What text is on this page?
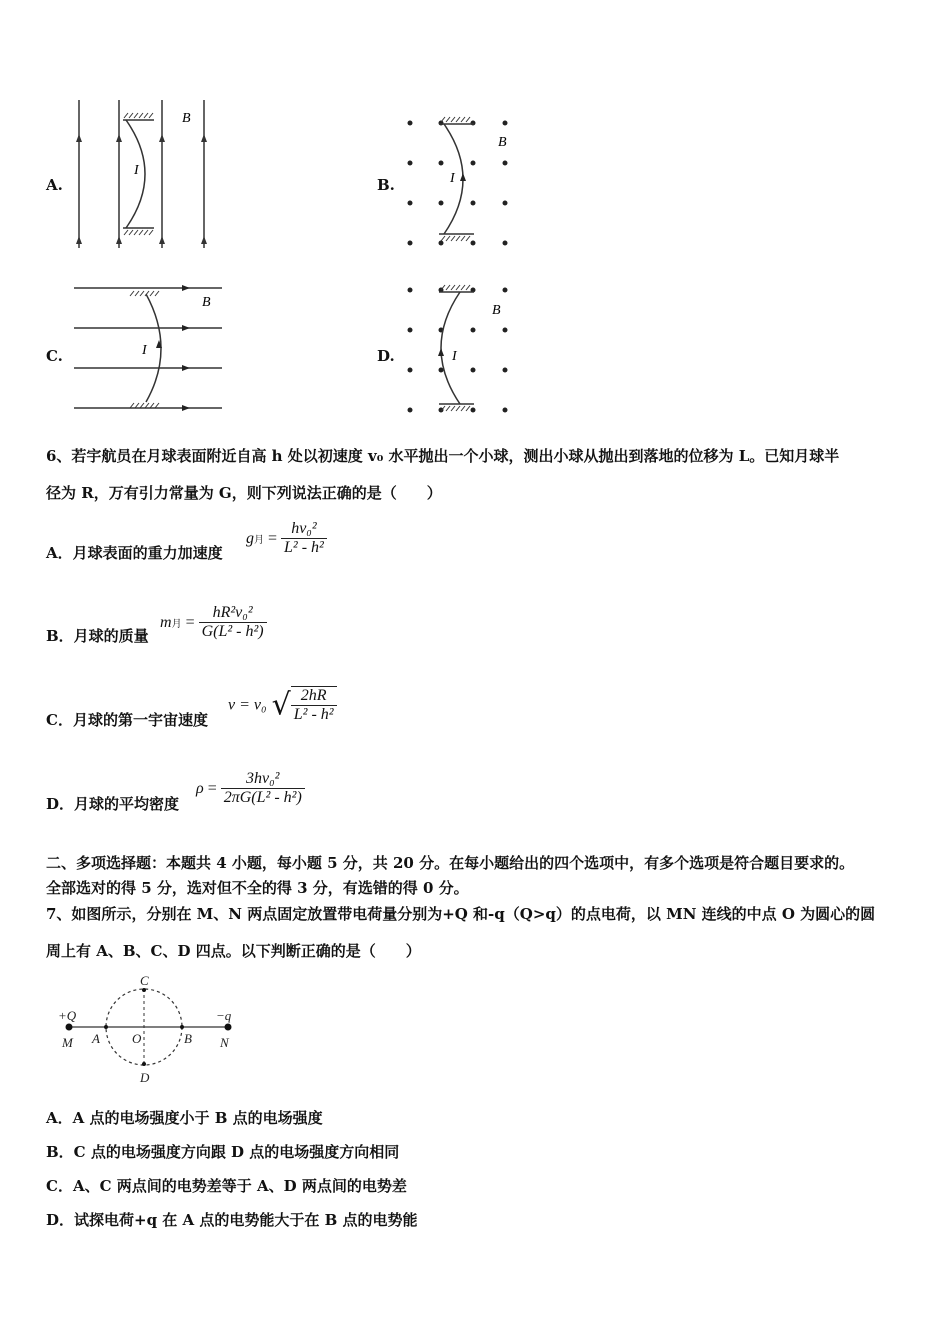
A.
B
I
B.
B
I
C.
B
I	D.
B
I
6、若宇航员在月球表面附近自高 h 处以初速度 v₀ 水平抛出一个小球，测出小球从抛出到落地的位移为 L。已知月球半
径为 R，万有引力常量为 G，则下列说法正确的是（　　）
A．月球表面的重力加速度
g月 = $\frac{\text{hv₀²}}{\text{L² - h²}}$
B．月球的质量
m月 = $\frac{\text{hR²v₀²}}{\text{G(L² - h²)}}$
C．月球的第一宇宙速度
v = v₀ √ $\frac{2hR}{\text{L² - h²}}$
D．月球的平均密度
$\rho = \frac{\text{3hv₀²}}{\text{2πG(L² - h²)}}$
二、多项选择题：本题共 4 小题，每小题 5 分，共 20 分。在每小题给出的四个选项中，有多个选项是符合题目要求的。
全部选对的得 5 分，选对但不全的得 3 分，有选错的得 0 分。
7、如图所示，分别在 M、N 两点固定放置带电荷量分别为+Q 和-q（Q>q）的点电荷，以 MN 连线的中点 O 为圆心的圆
周上有 A、B、C、D 四点。以下判断正确的是（　　）
+Q	−q
M	N
A	B
O
C
D
A．A 点的电场强度小于 B 点的电场强度
B．C 点的电场强度方向跟 D 点的电场强度方向相同
C．A、C 两点间的电势差等于 A、D 两点间的电势差
D．试探电荷+q 在 A 点的电势能大于在 B 点的电势能
